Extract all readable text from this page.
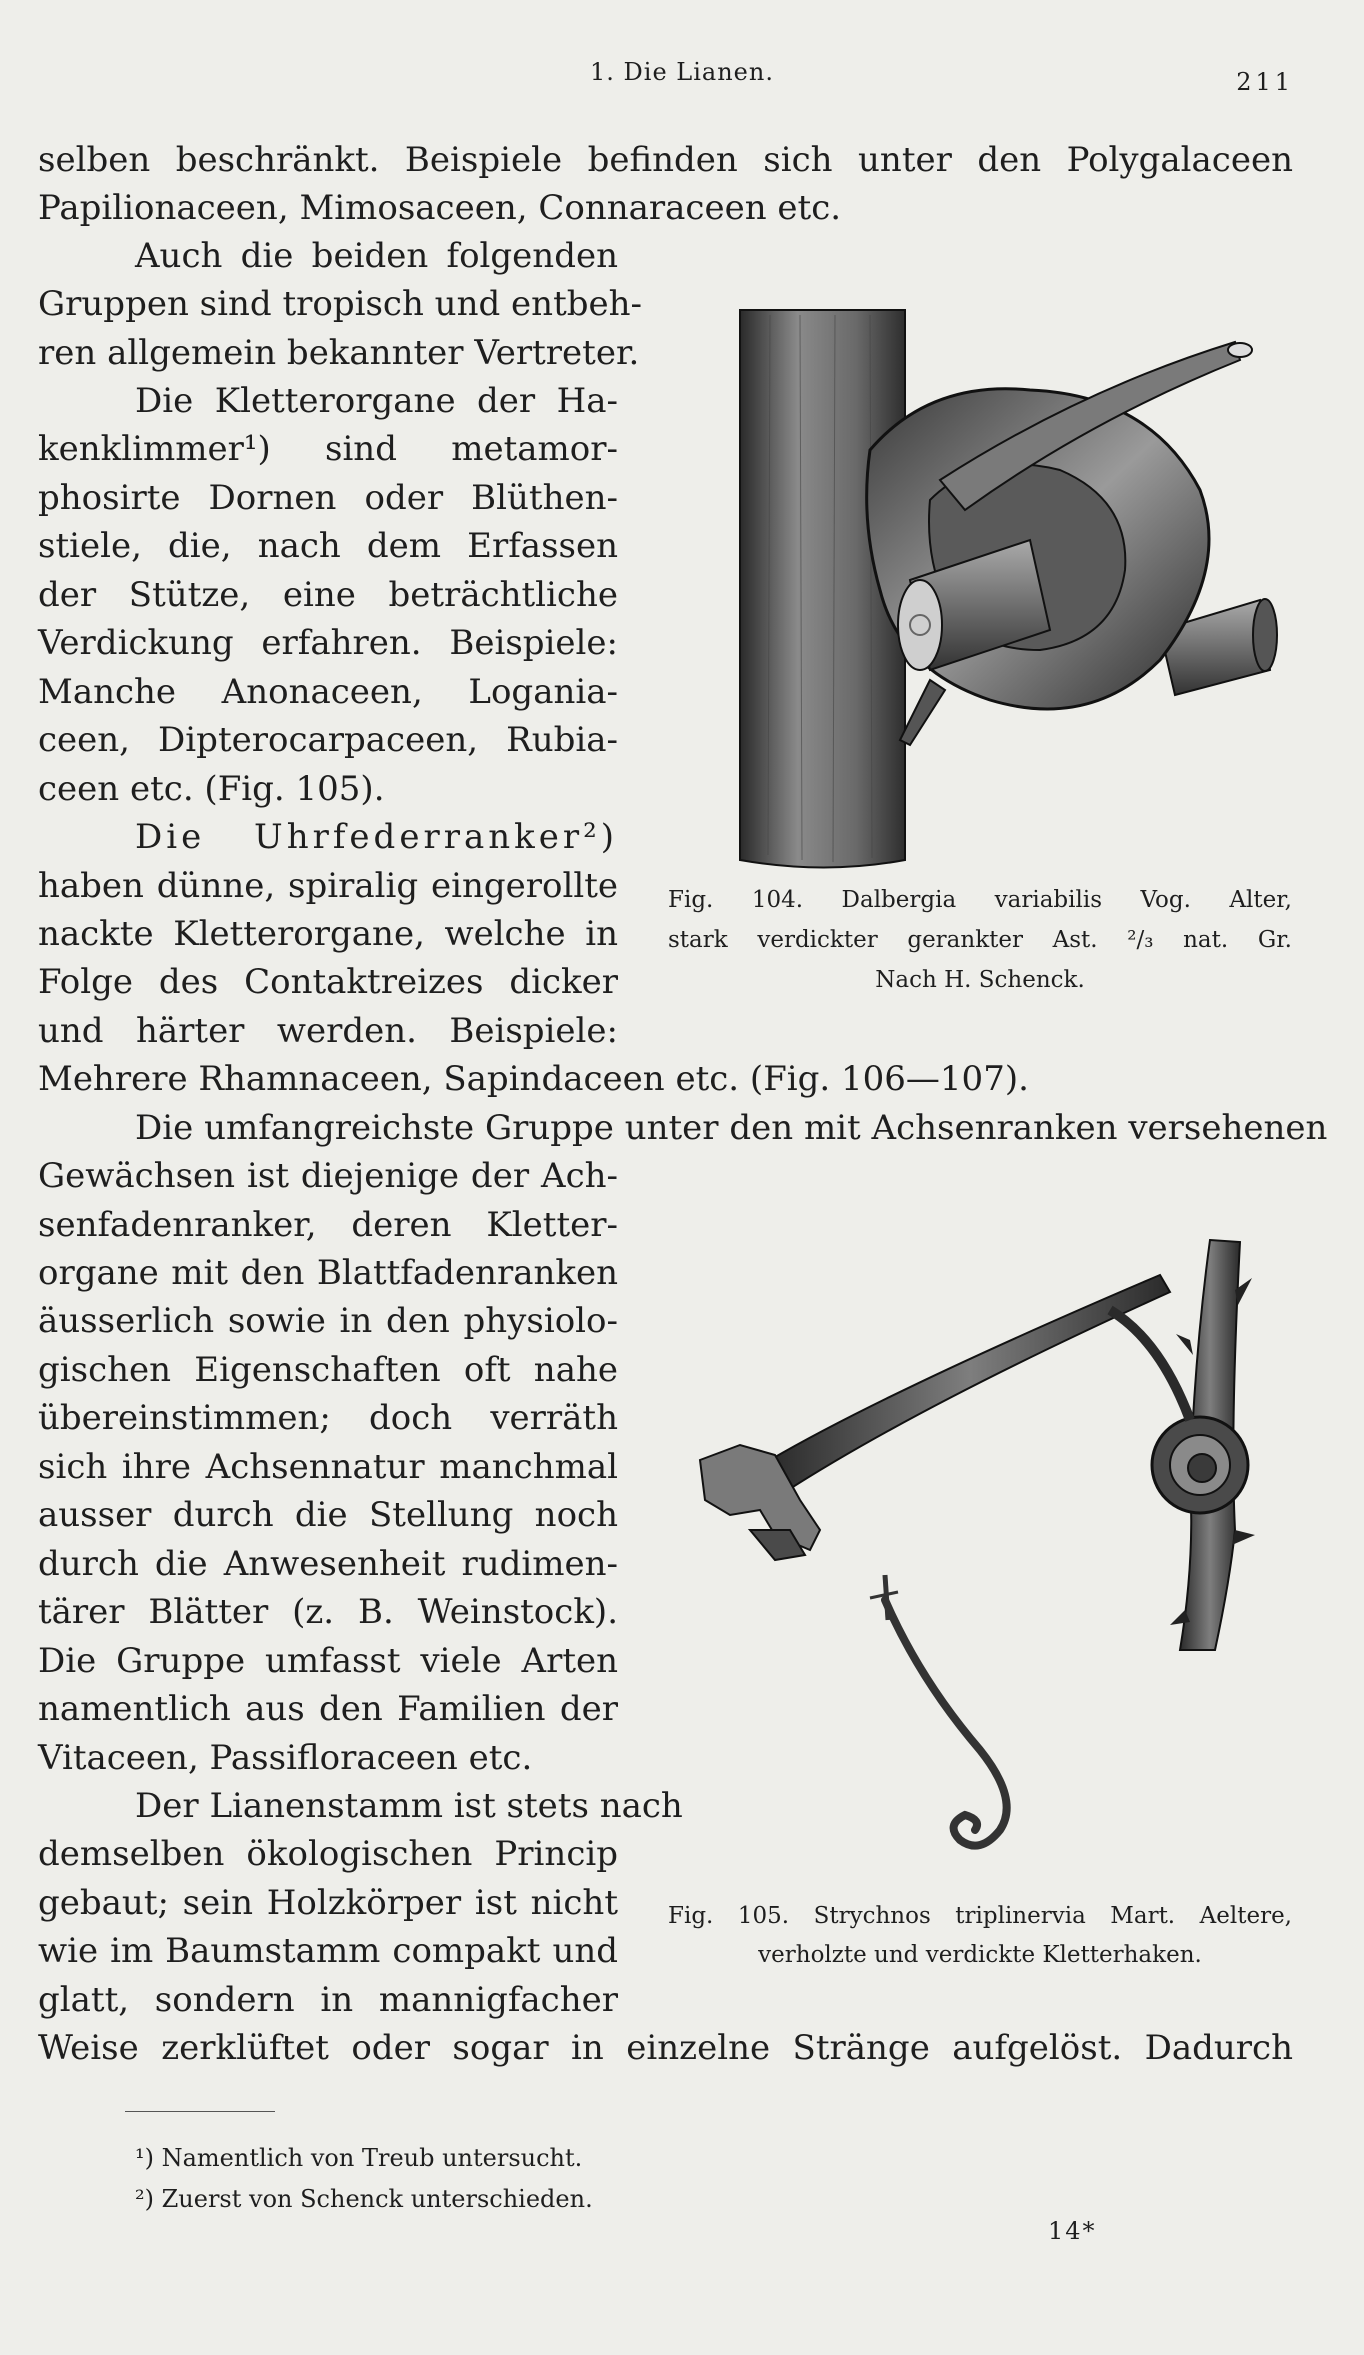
1. Die Lianen.	211
selben beschränkt. Beispiele befinden sich unter den Polygalaceen
Papilionaceen, Mimosaceen, Connaraceen etc.
Auch die beiden folgenden
Gruppen sind tropisch und entbeh-
ren allgemein bekannter Vertreter.
Die Kletterorgane der Ha-
kenklimmer¹) sind metamor-
phosirte Dornen oder Blüthen-
stiele, die, nach dem Erfassen
der Stütze, eine beträchtliche
Verdickung erfahren. Beispiele:
Manche Anonaceen, Logania-
ceen, Dipterocarpaceen, Rubia-
ceen etc. (Fig. 105).
Die Uhrfederranker²)
haben dünne, spiralig eingerollte
nackte Kletterorgane, welche in
Folge des Contaktreizes dicker
und härter werden. Beispiele:
Mehrere Rhamnaceen, Sapindaceen etc. (Fig. 106—107).
Die umfangreichste Gruppe unter den mit Achsenranken versehenen
Gewächsen ist diejenige der Ach-
senfadenranker, deren Kletter-
organe mit den Blattfadenranken
äusserlich sowie in den physiolo-
gischen Eigenschaften oft nahe
übereinstimmen; doch verräth
sich ihre Achsennatur manchmal
ausser durch die Stellung noch
durch die Anwesenheit rudimen-
tärer Blätter (z. B. Weinstock).
Die Gruppe umfasst viele Arten
namentlich aus den Familien der
Vitaceen, Passifloraceen etc.
Der Lianenstamm ist stets nach
demselben ökologischen Princip
gebaut; sein Holzkörper ist nicht
wie im Baumstamm compakt und
glatt, sondern in mannigfacher
Weise zerklüftet oder sogar in einzelne Stränge aufgelöst. Dadurch
Fig. 104. Dalbergia variabilis Vog. Alter,
stark verdickter gerankter Ast. ²/₃ nat. Gr.
Nach H. Schenck.
Fig. 105. Strychnos triplinervia Mart. Aeltere,
verholzte und verdickte Kletterhaken.
¹) Namentlich von Treub untersucht.
²) Zuerst von Schenck unterschieden.
14*
